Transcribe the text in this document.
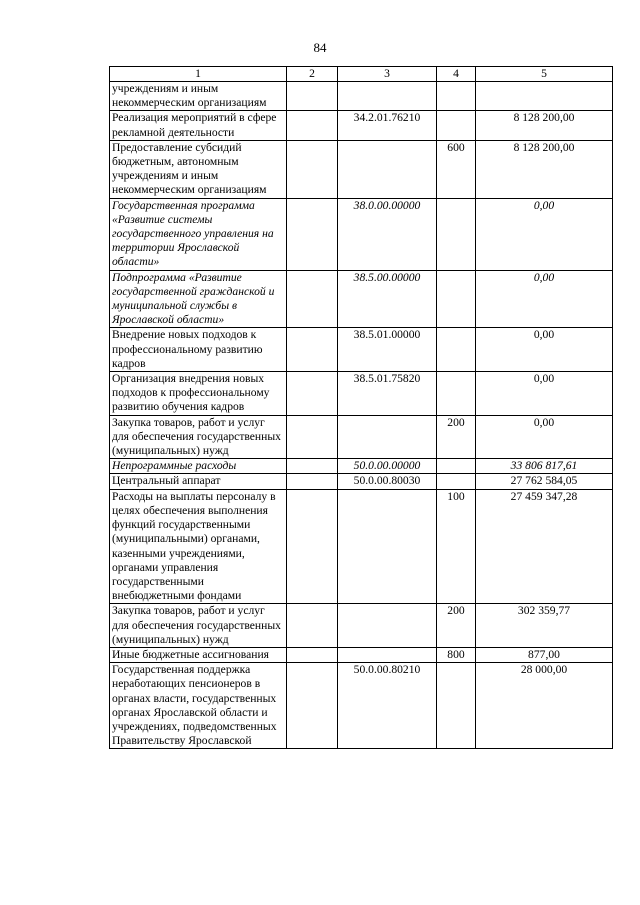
84
1	2	3	4	5
учреждениям и иным некоммерческим организациям				
Реализация мероприятий в сфере рекламной деятельности		34.2.01.76210		8 128 200,00
Предоставление субсидий бюджетным, автономным учреждениям и иным некоммерческим организациям			600	8 128 200,00
Государственная программа «Развитие системы государственного управления на территории Ярославской области»		38.0.00.00000		0,00
Подпрограмма «Развитие государственной гражданской и муниципальной службы в Ярославской области»		38.5.00.00000		0,00
Внедрение новых подходов к профессиональному развитию кадров		38.5.01.00000		0,00
Организация внедрения новых подходов к профессиональному развитию обучения кадров		38.5.01.75820		0,00
Закупка товаров, работ и услуг для обеспечения государственных (муниципальных) нужд			200	0,00
Непрограммные расходы		50.0.00.00000		33 806 817,61
Центральный аппарат		50.0.00.80030		27 762 584,05
Расходы на выплаты персоналу в целях обеспечения выполнения функций государственными (муниципальными) органами, казенными учреждениями, органами управления государственными внебюджетными фондами			100	27 459 347,28
Закупка товаров, работ и услуг для обеспечения государственных (муниципальных) нужд			200	302 359,77
Иные бюджетные ассигнования			800	877,00
Государственная поддержка неработающих пенсионеров в органах власти, государственных органах Ярославской области и учреждениях, подведомственных Правительству Ярославской		50.0.00.80210		28 000,00
